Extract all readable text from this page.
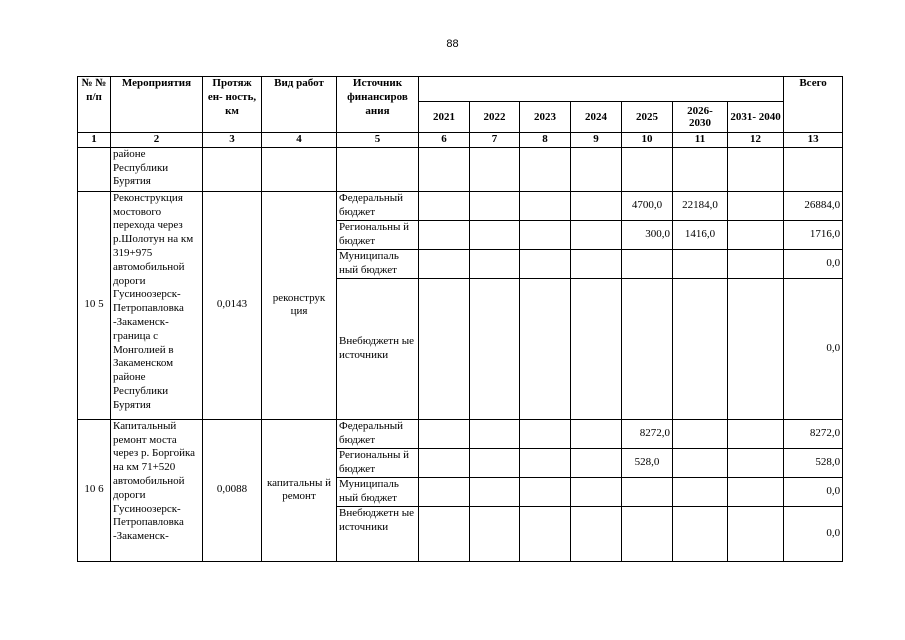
88
№ № п/п	Мероприятия	Протяж ен- ность, км	Вид работ	Источник финансиров ания								Всего
					2021	2022	2023	2024	2025	2026- 2030	2031- 2040	
1	2	3	4	5	6	7	8	9	10	11	12	13
	районе Республики Бурятия											
10 5	Реконструкция мостового перехода через р.Шолотун на км 319+975 автомобильной дороги Гусиноозерск-Петропавловка -Закаменск-граница с Монголией в Закаменском районе Республики Бурятия	0,0143	реконструк ция	Федеральный бюджет					4700,0	22184,0		26884,0
				Региональны й бюджет					300,0	1416,0		1716,0
				Муниципаль ный бюджет								0,0
				Внебюджетн ые источники								0,0
10 6	Капитальный ремонт моста через р. Боргойка на км 71+520 автомобильной дороги Гусиноозерск-Петропавловка -Закаменск-	0,0088	капитальны й ремонт	Федеральный бюджет					8272,0			8272,0
				Региональны й бюджет					528,0			528,0
				Муниципаль ный бюджет								0,0
				Внебюджетн ые источники								0,0
